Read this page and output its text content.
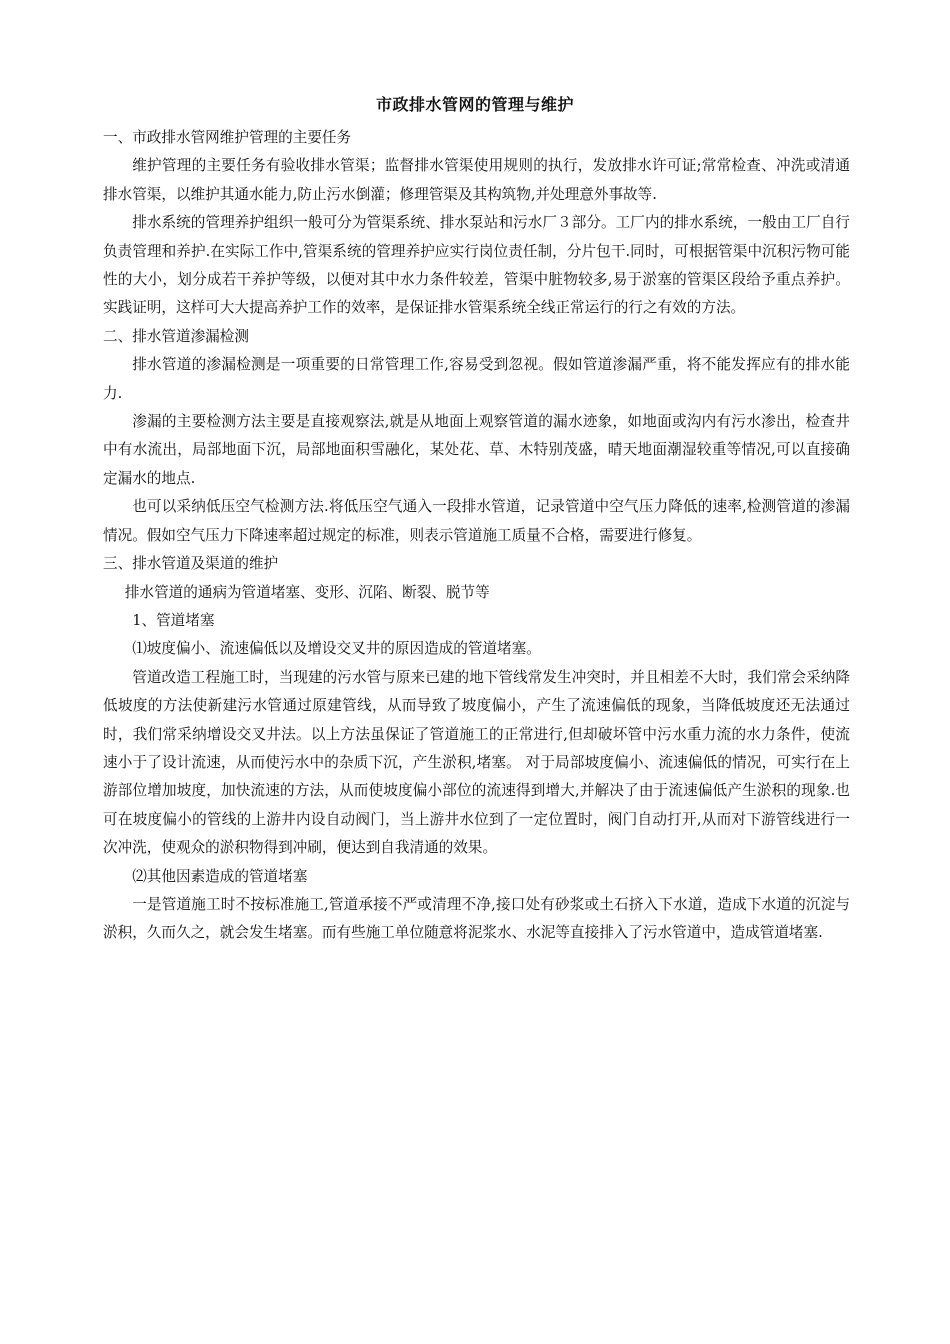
市政排水管网的管理与维护

一、市政排水管网维护管理的主要任务

维护管理的主要任务有验收排水管渠；监督排水管渠使用规则的执行，发放排水许可证;常常检查、冲洗或清通排水管渠，以维护其通水能力,防止污水倒灌；修理管渠及其构筑物,并处理意外事故等.

排水系统的管理养护组织一般可分为管渠系统、排水泵站和污水厂３部分。工厂内的排水系统，一般由工厂自行负责管理和养护.在实际工作中,管渠系统的管理养护应实行岗位责任制，分片包干.同时，可根据管渠中沉积污物可能性的大小，划分成若干养护等级，以便对其中水力条件较差，管渠中脏物较多,易于淤塞的管渠区段给予重点养护。实践证明，这样可大大提高养护工作的效率，是保证排水管渠系统全线正常运行的行之有效的方法。

二、排水管道渗漏检测

排水管道的渗漏检测是一项重要的日常管理工作,容易受到忽视。假如管道渗漏严重，将不能发挥应有的排水能力.

渗漏的主要检测方法主要是直接观察法,就是从地面上观察管道的漏水迹象，如地面或沟内有污水渗出，检查井中有水流出，局部地面下沉，局部地面积雪融化，某处花、草、木特别茂盛，晴天地面潮湿较重等情况,可以直接确定漏水的地点.

也可以采纳低压空气检测方法.将低压空气通入一段排水管道，记录管道中空气压力降低的速率,检测管道的渗漏情况。假如空气压力下降速率超过规定的标准，则表示管道施工质量不合格，需要进行修复。

三、排水管道及渠道的维护

排水管道的通病为管道堵塞、变形、沉陷、断裂、脱节等

1、管道堵塞

⑴坡度偏小、流速偏低以及增设交叉井的原因造成的管道堵塞。

管道改造工程施工时，当现建的污水管与原来已建的地下管线常发生冲突时，并且相差不大时，我们常会采纳降低坡度的方法使新建污水管通过原建管线，从而导致了坡度偏小，产生了流速偏低的现象，当降低坡度还无法通过时，我们常采纳增设交叉井法。以上方法虽保证了管道施工的正常进行,但却破坏管中污水重力流的水力条件，使流速小于了设计流速，从而使污水中的杂质下沉，产生淤积,堵塞。 对于局部坡度偏小、流速偏低的情况，可实行在上游部位增加坡度，加快流速的方法，从而使坡度偏小部位的流速得到增大,并解决了由于流速偏低产生淤积的现象.也可在坡度偏小的管线的上游井内设自动阀门，当上游井水位到了一定位置时，阀门自动打开,从而对下游管线进行一次冲洗，使观众的淤积物得到冲刷，便达到自我清通的效果。

⑵其他因素造成的管道堵塞

一是管道施工时不按标准施工,管道承接不严或清理不净,接口处有砂浆或土石挤入下水道，造成下水道的沉淀与淤积，久而久之，就会发生堵塞。而有些施工单位随意将泥浆水、水泥等直接排入了污水管道中，造成管道堵塞.
